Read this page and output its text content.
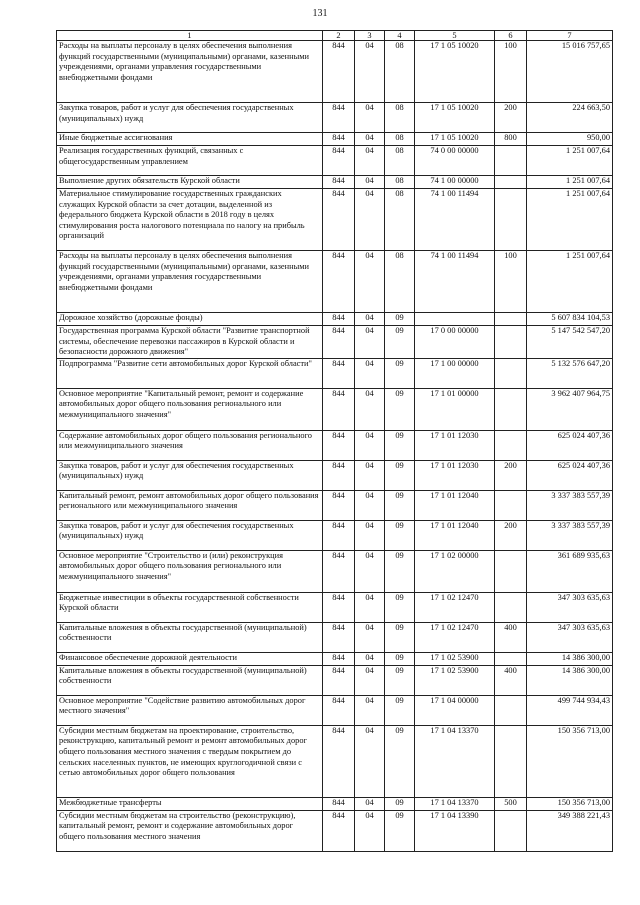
131
1	2	3	4	5	6	7
Расходы на выплаты персоналу в целях обеспечения выполнения функций государственными (муниципальными) органами, казенными учреждениями, органами управления государственными внебюджетными фондами	844	04	08	17 1 05 10020	100	15 016 757,65
Закупка товаров, работ и услуг для обеспечения государственных (муниципальных) нужд	844	04	08	17 1 05 10020	200	224 663,50
Иные бюджетные ассигнования	844	04	08	17 1 05 10020	800	950,00
Реализация государственных функций, связанных с общегосударственным управлением	844	04	08	74 0 00 00000		1 251 007,64
Выполнение других обязательств Курской области	844	04	08	74 1 00 00000		1 251 007,64
Материальное стимулирование государственных гражданских служащих Курской области за счет дотации, выделенной из федерального бюджета Курской области в 2018 году в целях стимулирования роста налогового потенциала по налогу на прибыль организаций	844	04	08	74 1 00 11494		1 251 007,64
Расходы на выплаты персоналу в целях обеспечения выполнения функций государственными (муниципальными) органами, казенными учреждениями, органами управления государственными внебюджетными фондами	844	04	08	74 1 00 11494	100	1 251 007,64
Дорожное хозяйство (дорожные фонды)	844	04	09			5 607 834 104,53
Государственная программа Курской области "Развитие транспортной системы, обеспечение перевозки пассажиров в Курской области и безопасности дорожного движения"	844	04	09	17 0 00 00000		5 147 542 547,20
Подпрограмма "Развитие сети автомобильных дорог Курской области"	844	04	09	17 1 00 00000		5 132 576 647,20
Основное мероприятие "Капитальный ремонт, ремонт и содержание автомобильных дорог общего пользования регионального или межмуниципального значения"	844	04	09	17 1 01 00000		3 962 407 964,75
Содержание автомобильных дорог общего пользования регионального или межмуниципального значения	844	04	09	17 1 01 12030		625 024 407,36
Закупка товаров, работ и услуг для обеспечения государственных (муниципальных) нужд	844	04	09	17 1 01 12030	200	625 024 407,36
Капитальный ремонт, ремонт автомобильных дорог общего пользования регионального или межмуниципального значения	844	04	09	17 1 01 12040		3 337 383 557,39
Закупка товаров, работ и услуг для обеспечения государственных (муниципальных) нужд	844	04	09	17 1 01 12040	200	3 337 383 557,39
Основное мероприятие "Строительство и (или) реконструкция автомобильных дорог общего пользования регионального или межмуниципального значения"	844	04	09	17 1 02 00000		361 689 935,63
Бюджетные инвестиции в объекты государственной собственности Курской области	844	04	09	17 1 02 12470		347 303 635,63
Капитальные вложения в объекты государственной (муниципальной) собственности	844	04	09	17 1 02 12470	400	347 303 635,63
Финансовое обеспечение дорожной деятельности	844	04	09	17 1 02 53900		14 386 300,00
Капитальные вложения в объекты государственной (муниципальной) собственности	844	04	09	17 1 02 53900	400	14 386 300,00
Основное мероприятие "Содействие развитию автомобильных дорог местного значения"	844	04	09	17 1 04 00000		499 744 934,43
Субсидии местным бюджетам на проектирование, строительство, реконструкцию, капитальный ремонт и ремонт автомобильных дорог общего пользования местного значения с твердым покрытием до сельских населенных пунктов, не имеющих круглогодичной связи с сетью автомобильных дорог общего пользования	844	04	09	17 1 04 13370		150 356 713,00
Межбюджетные трансферты	844	04	09	17 1 04 13370	500	150 356 713,00
Субсидии местным бюджетам на строительство (реконструкцию), капитальный ремонт, ремонт и содержание автомобильных дорог общего пользования местного значения	844	04	09	17 1 04 13390		349 388 221,43
